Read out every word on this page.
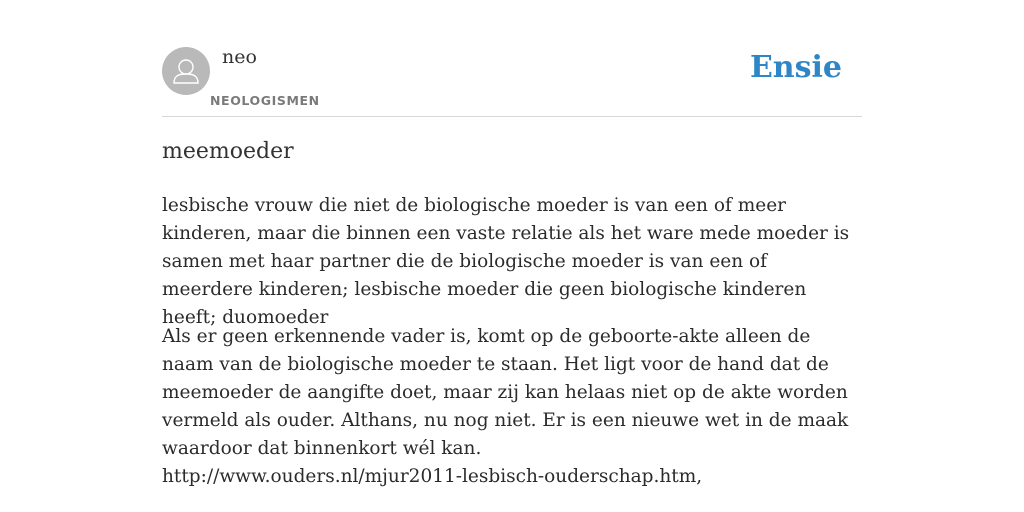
neo
NEOLOGISMEN
Ensie
meemoeder

lesbische vrouw die niet de biologische moeder is van een of meer kinderen, maar die binnen een vaste relatie als het ware mede moeder is samen met haar partner die de biologische moeder is van een of meerdere kinderen; lesbische moeder die geen biologische kinderen heeft; duomoeder

Als er geen erkennende vader is, komt op de geboorte-akte alleen de naam van de biologische moeder te staan. Het ligt voor de hand dat de meemoeder de aangifte doet, maar zij kan helaas niet op de akte worden vermeld als ouder. Althans, nu nog niet. Er is een nieuwe wet in de maak waardoor dat binnenkort wél kan.
http://www.ouders.nl/mjur2011-lesbisch-ouderschap.htm,
